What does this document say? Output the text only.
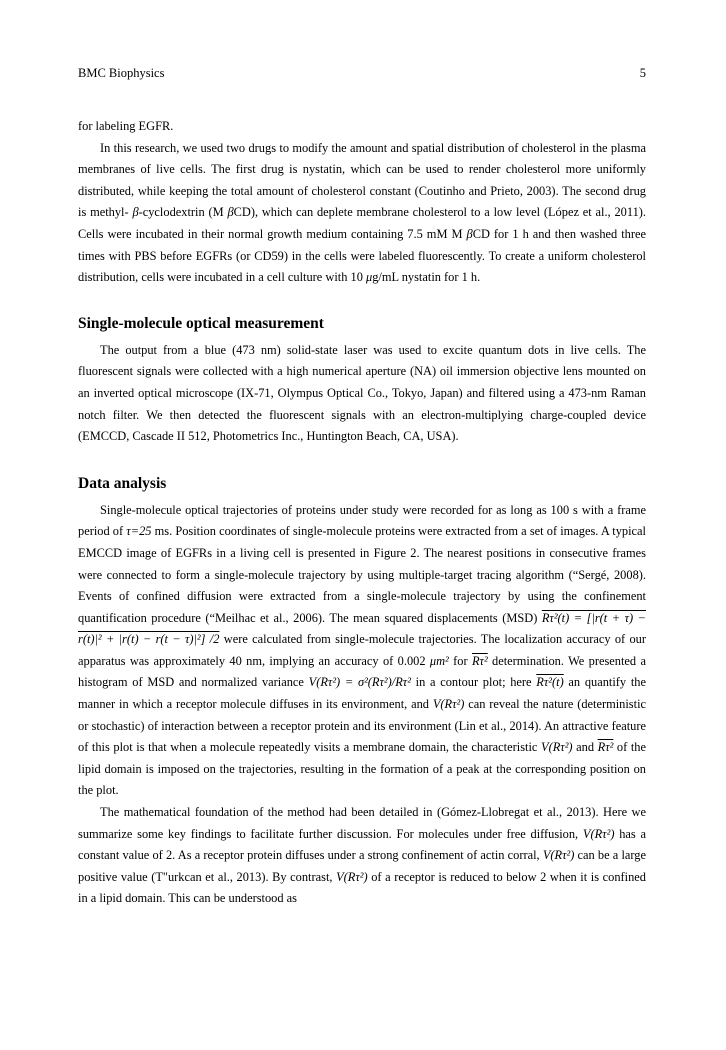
BMC Biophysics	5

for labeling EGFR.

In this research, we used two drugs to modify the amount and spatial distribution of cholesterol in the plasma membranes of live cells. The first drug is nystatin, which can be used to render cholesterol more uniformly distributed, while keeping the total amount of cholesterol constant (Coutinho and Prieto, 2003). The second drug is methyl- β-cyclodextrin (M βCD), which can deplete membrane cholesterol to a low level (López et al., 2011). Cells were incubated in their normal growth medium containing 7.5 mM M βCD for 1 h and then washed three times with PBS before EGFRs (or CD59) in the cells were labeled fluorescently. To create a uniform cholesterol distribution, cells were incubated in a cell culture with 10 μg/mL nystatin for 1 h.

Single-molecule optical measurement

The output from a blue (473 nm) solid-state laser was used to excite quantum dots in live cells. The fluorescent signals were collected with a high numerical aperture (NA) oil immersion objective lens mounted on an inverted optical microscope (IX-71, Olympus Optical Co., Tokyo, Japan) and filtered using a 473-nm Raman notch filter. We then detected the fluorescent signals with an electron-multiplying charge-coupled device (EMCCD, Cascade II 512, Photometrics Inc., Huntington Beach, CA, USA).

Data analysis

Single-molecule optical trajectories of proteins under study were recorded for as long as 100 s with a frame period of τ=25 ms. Position coordinates of single-molecule proteins were extracted from a set of images. A typical EMCCD image of EGFRs in a living cell is presented in Figure 2. The nearest positions in consecutive frames were connected to form a single-molecule trajectory by using multiple-target tracing algorithm (“Sergé, 2008). Events of confined diffusion were extracted from a single-molecule trajectory by using the confinement quantification procedure (“Meilhac et al., 2006). The mean squared displacements (MSD) Rτ²(t) = [|r(t + τ) − r(t)|² + |r(t) − r(t − τ)|²] /2 were calculated from single-molecule trajectories. The localization accuracy of our apparatus was approximately 40 nm, implying an accuracy of 0.002 μm² for Rτ² determination. We presented a histogram of MSD and normalized variance V(Rτ²) = σ²(Rτ²)/Rτ² in a contour plot; here Rτ²(t) an quantify the manner in which a receptor molecule diffuses in its environment, and V(Rτ²) can reveal the nature (deterministic or stochastic) of interaction between a receptor protein and its environment (Lin et al., 2014). An attractive feature of this plot is that when a molecule repeatedly visits a membrane domain, the characteristic V(Rτ²) and Rτ² of the lipid domain is imposed on the trajectories, resulting in the formation of a peak at the corresponding position on the plot.

The mathematical foundation of the method had been detailed in (Gómez-Llobregat et al., 2013). Here we summarize some key findings to facilitate further discussion. For molecules under free diffusion, V(Rτ²) has a constant value of 2. As a receptor protein diffuses under a strong confinement of actin corral, V(Rτ²) can be a large positive value (T"urkcan et al., 2013). By contrast, V(Rτ²) of a receptor is reduced to below 2 when it is confined in a lipid domain. This can be understood as
